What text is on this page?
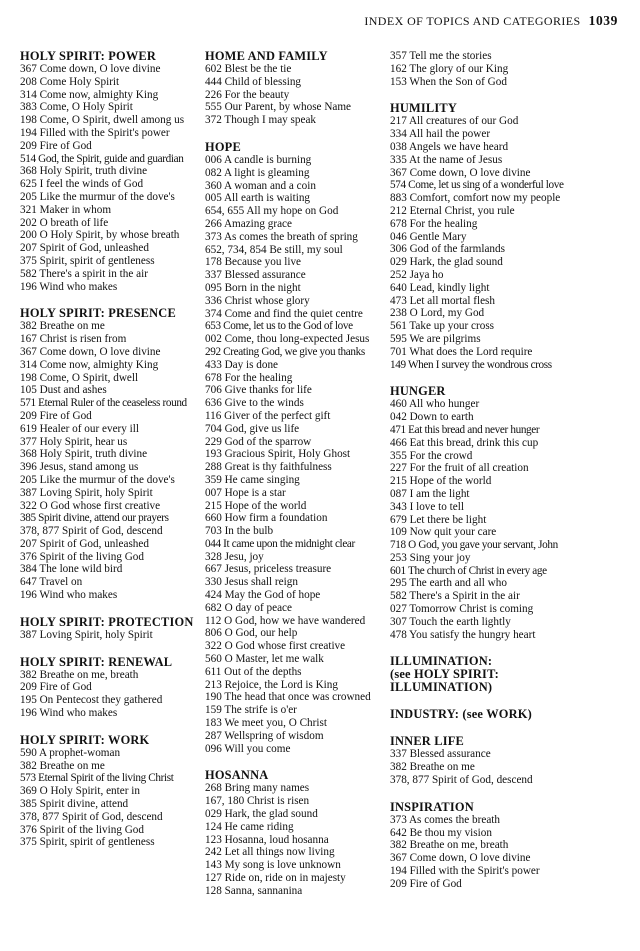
INDEX OF TOPICS AND CATEGORIES 1039
HOLY SPIRIT: POWER
367 Come down, O love divine
208 Come Holy Spirit
314 Come now, almighty King
383 Come, O Holy Spirit
198 Come, O Spirit, dwell among us
194 Filled with the Spirit's power
209 Fire of God
514 God, the Spirit, guide and guardian
368 Holy Spirit, truth divine
625 I feel the winds of God
205 Like the murmur of the dove's
321 Maker in whom
202 O breath of life
200 O Holy Spirit, by whose breath
207 Spirit of God, unleashed
375 Spirit, spirit of gentleness
582 There's a spirit in the air
196 Wind who makes
HOLY SPIRIT: PRESENCE
382 Breathe on me
167 Christ is risen from
367 Come down, O love divine
314 Come now, almighty King
198 Come, O Spirit, dwell
105 Dust and ashes
571 Eternal Ruler of the ceaseless round
209 Fire of God
619 Healer of our every ill
377 Holy Spirit, hear us
368 Holy Spirit, truth divine
396 Jesus, stand among us
205 Like the murmur of the dove's
387 Loving Spirit, holy Spirit
322 O God whose first creative
385 Spirit divine, attend our prayers
378, 877 Spirit of God, descend
207 Spirit of God, unleashed
376 Spirit of the living God
384 The lone wild bird
647 Travel on
196 Wind who makes
HOLY SPIRIT: PROTECTION
387 Loving Spirit, holy Spirit
HOLY SPIRIT: RENEWAL
382 Breathe on me, breath
209 Fire of God
195 On Pentecost they gathered
196 Wind who makes
HOLY SPIRIT: WORK
590 A prophet-woman
382 Breathe on me
573 Eternal Spirit of the living Christ
369 O Holy Spirit, enter in
385 Spirit divine, attend
378, 877 Spirit of God, descend
376 Spirit of the living God
375 Spirit, spirit of gentleness
HOME AND FAMILY
602 Blest be the tie
444 Child of blessing
226 For the beauty
555 Our Parent, by whose Name
372 Though I may speak
HOPE
006 A candle is burning
082 A light is gleaming
360 A woman and a coin
005 All earth is waiting
654, 655 All my hope on God
266 Amazing grace
373 As comes the breath of spring
652, 734, 854 Be still, my soul
178 Because you live
337 Blessed assurance
095 Born in the night
336 Christ whose glory
374 Come and find the quiet centre
653 Come, let us to the God of love
002 Come, thou long-expected Jesus
292 Creating God, we give you thanks
433 Day is done
678 For the healing
706 Give thanks for life
636 Give to the winds
116 Giver of the perfect gift
704 God, give us life
229 God of the sparrow
193 Gracious Spirit, Holy Ghost
288 Great is thy faithfulness
359 He came singing
007 Hope is a star
215 Hope of the world
660 How firm a foundation
703 In the bulb
044 It came upon the midnight clear
328 Jesu, joy
667 Jesus, priceless treasure
330 Jesus shall reign
424 May the God of hope
682 O day of peace
112 O God, how we have wandered
806 O God, our help
322 O God whose first creative
560 O Master, let me walk
611 Out of the depths
213 Rejoice, the Lord is King
190 The head that once was crowned
159 The strife is o'er
183 We meet you, O Christ
287 Wellspring of wisdom
096 Will you come
HOSANNA
268 Bring many names
167, 180 Christ is risen
029 Hark, the glad sound
124 He came riding
123 Hosanna, loud hosanna
242 Let all things now living
143 My song is love unknown
127 Ride on, ride on in majesty
128 Sanna, sannanina
357 Tell me the stories
162 The glory of our King
153 When the Son of God
HUMILITY
217 All creatures of our God
334 All hail the power
038 Angels we have heard
335 At the name of Jesus
367 Come down, O love divine
574 Come, let us sing of a wonderful love
883 Comfort, comfort now my people
212 Eternal Christ, you rule
678 For the healing
046 Gentle Mary
306 God of the farmlands
029 Hark, the glad sound
252 Jaya ho
640 Lead, kindly light
473 Let all mortal flesh
238 O Lord, my God
561 Take up your cross
595 We are pilgrims
701 What does the Lord require
149 When I survey the wondrous cross
HUNGER
460 All who hunger
042 Down to earth
471 Eat this bread and never hunger
466 Eat this bread, drink this cup
355 For the crowd
227 For the fruit of all creation
215 Hope of the world
087 I am the light
343 I love to tell
679 Let there be light
109 Now quit your care
718 O God, you gave your servant, John
253 Sing your joy
601 The church of Christ in every age
295 The earth and all who
582 There's a Spirit in the air
027 Tomorrow Christ is coming
307 Touch the earth lightly
478 You satisfy the hungry heart
ILLUMINATION:
(see HOLY SPIRIT:
ILLUMINATION)
INDUSTRY: (see WORK)
INNER LIFE
337 Blessed assurance
382 Breathe on me
378, 877 Spirit of God, descend
INSPIRATION
373 As comes the breath
642 Be thou my vision
382 Breathe on me, breath
367 Come down, O love divine
194 Filled with the Spirit's power
209 Fire of God
